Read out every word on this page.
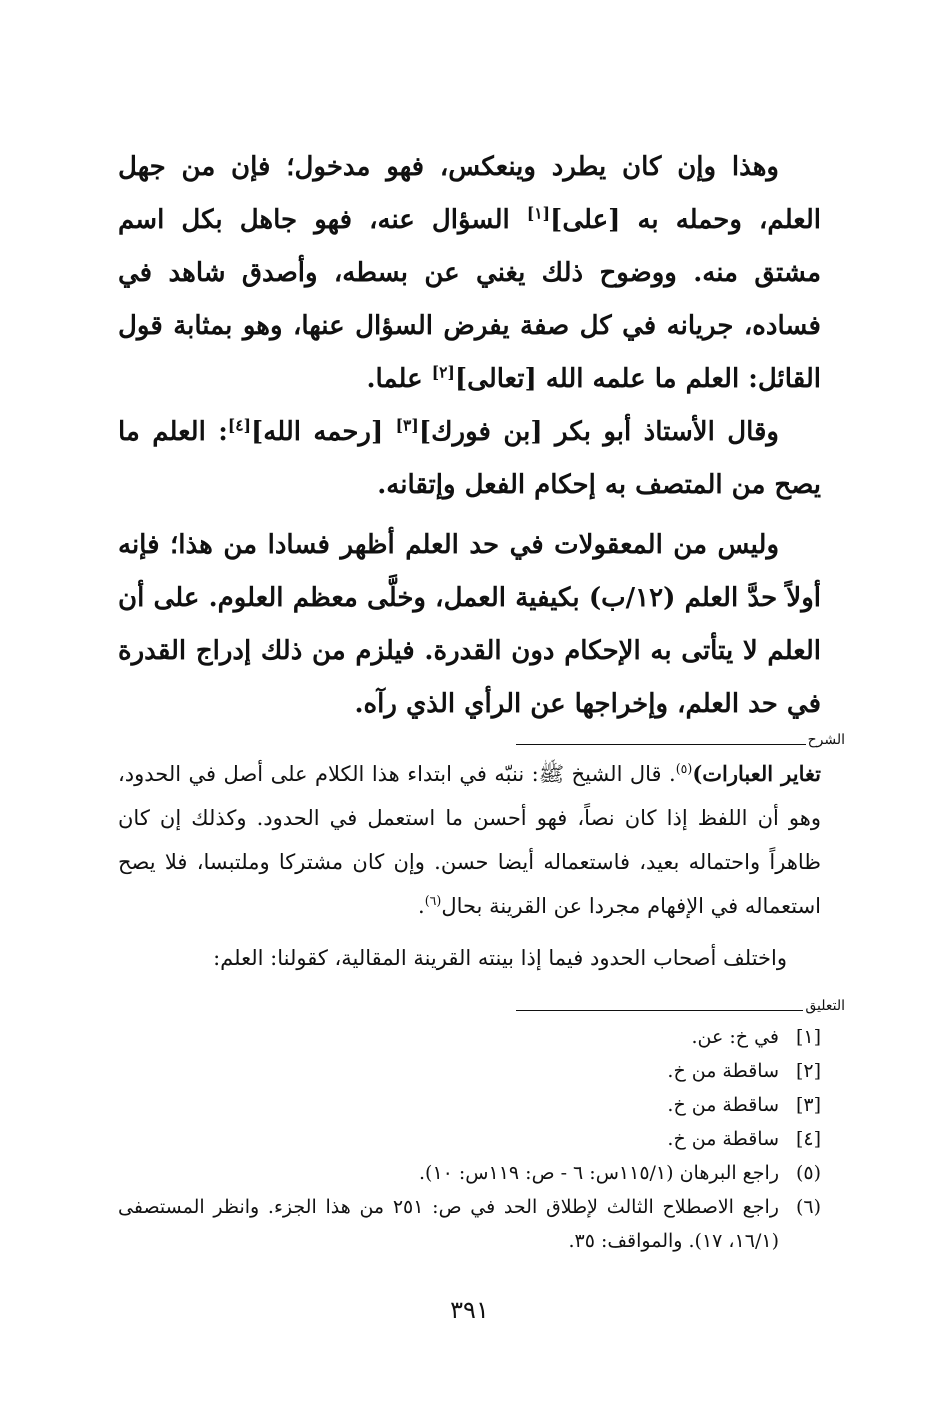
وهذا وإن كان يطرد وينعكس، فهو مدخول؛ فإن من جهل العلم، وحمله به [على][١] السؤال عنه، فهو جاهل بكل اسم مشتق منه. ووضوح ذلك يغني عن بسطه، وأصدق شاهد في فساده، جريانه في كل صفة يفرض السؤال عنها، وهو بمثابة قول القائل: العلم ما علمه الله [تعالى][٢] علما.

وقال الأستاذ أبو بكر [بن فورك][٣] [رحمه الله][٤]: العلم ما يصح من المتصف به إحكام الفعل وإتقانه.

وليس من المعقولات في حد العلم أظهر فسادا من هذا؛ فإنه أولاً حدَّ العلم (١٢/ب) بكيفية العمل، وخلَّى معظم العلوم. على أن العلم لا يتأتى به الإحكام دون القدرة. فيلزم من ذلك إدراج القدرة في حد العلم، وإخراجها عن الرأي الذي رآه.

الشرح

تغاير العبارات)$^{(٥)}$. قال الشيخ ﷺ: ننبّه في ابتداء هذا الكلام على أصل في الحدود، وهو أن اللفظ إذا كان نصاً، فهو أحسن ما استعمل في الحدود. وكذلك إن كان ظاهراً واحتماله بعيد، فاستعماله أيضا حسن. وإن كان مشتركا وملتبسا، فلا يصح استعماله في الإفهام مجردا عن القرينة بحال$^{(٦)}$.

واختلف أصحاب الحدود فيما إذا بينته القرينة المقالية، كقولنا: العلم:

التعليق
[١]
في خ: عن.
[٢]
ساقطة من خ.
[٣]
ساقطة من خ.
[٤]
ساقطة من خ.
(٥)
راجع البرهان (١١٥/١س: ٦ - ص: ١١٩س: ١٠).
(٦)
راجع الاصطلاح الثالث لإطلاق الحد في ص: ٢٥١ من هذا الجزء. وانظر المستصفى (١٦/١، ١٧). والمواقف: ٣٥.
٣٩١
